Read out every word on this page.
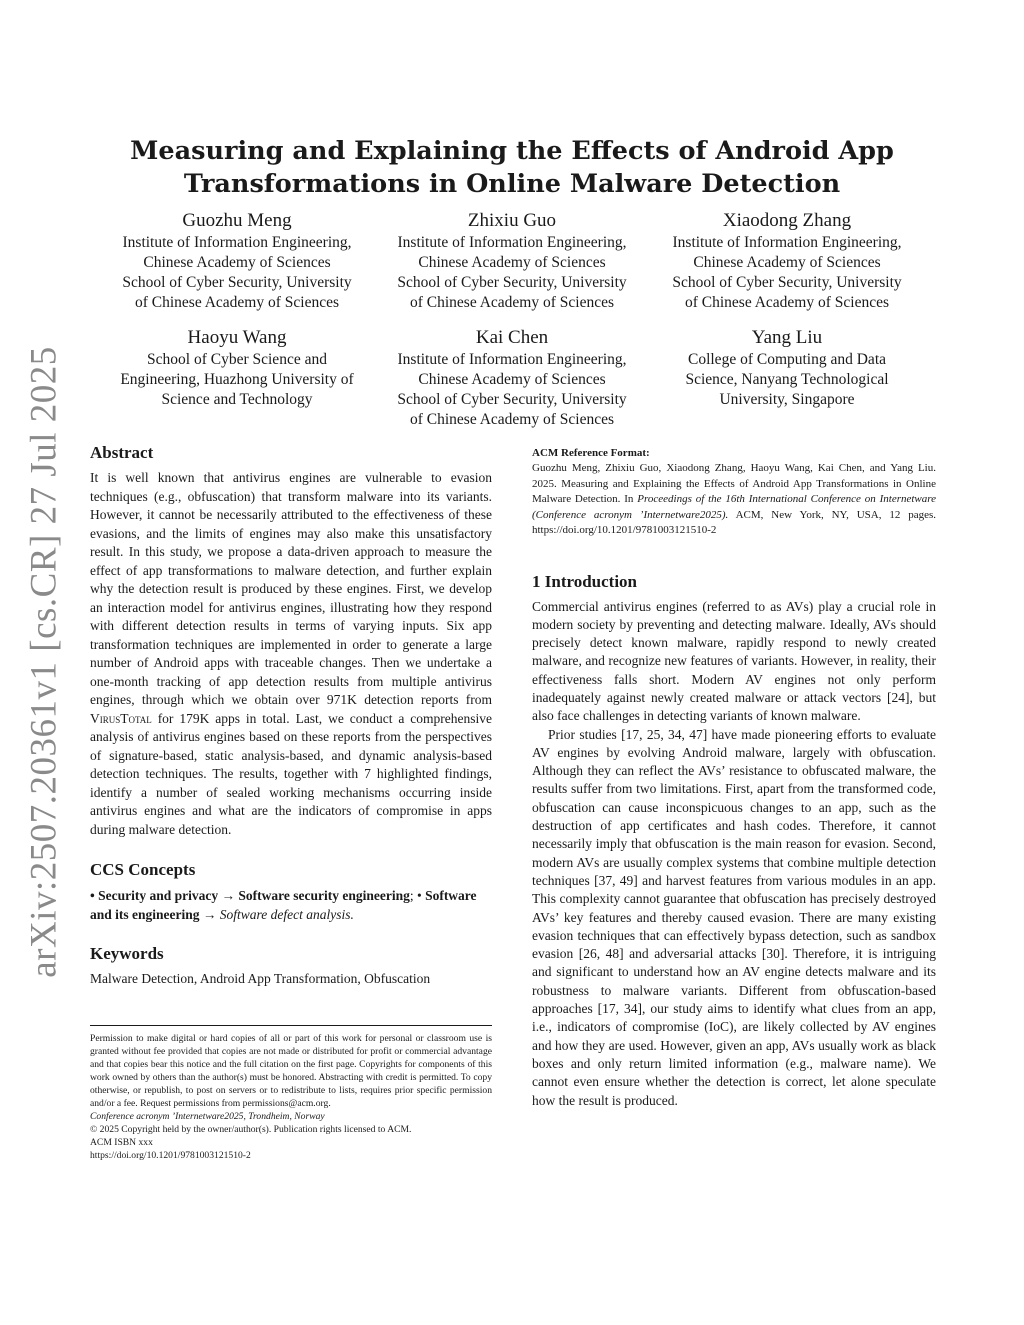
arXiv:2507.20361v1 [cs.CR] 27 Jul 2025
Measuring and Explaining the Effects of Android App
Transformations in Online Malware Detection
Guozhu Meng
Institute of Information Engineering,
Chinese Academy of Sciences
School of Cyber Security, University
of Chinese Academy of Sciences
Zhixiu Guo
Institute of Information Engineering,
Chinese Academy of Sciences
School of Cyber Security, University
of Chinese Academy of Sciences
Xiaodong Zhang
Institute of Information Engineering,
Chinese Academy of Sciences
School of Cyber Security, University
of Chinese Academy of Sciences
Haoyu Wang
School of Cyber Science and
Engineering, Huazhong University of
Science and Technology
Kai Chen
Institute of Information Engineering,
Chinese Academy of Sciences
School of Cyber Security, University
of Chinese Academy of Sciences
Yang Liu
College of Computing and Data
Science, Nanyang Technological
University, Singapore
Abstract

It is well known that antivirus engines are vulnerable to evasion techniques (e.g., obfuscation) that transform malware into its variants. However, it cannot be necessarily attributed to the effectiveness of these evasions, and the limits of engines may also make this unsatisfactory result. In this study, we propose a data-driven approach to measure the effect of app transformations to malware detection, and further explain why the detection result is produced by these engines. First, we develop an interaction model for antivirus engines, illustrating how they respond with different detection results in terms of varying inputs. Six app transformation techniques are implemented in order to generate a large number of Android apps with traceable changes. Then we undertake a one-month tracking of app detection results from multiple antivirus engines, through which we obtain over 971K detection reports from VirusTotal for 179K apps in total. Last, we conduct a comprehensive analysis of antivirus engines based on these reports from the perspectives of signature-based, static analysis-based, and dynamic analysis-based detection techniques. The results, together with 7 highlighted findings, identify a number of sealed working mechanisms occurring inside antivirus engines and what are the indicators of compromise in apps during malware detection.

CCS Concepts

• Security and privacy → Software security engineering; • Software and its engineering → Software defect analysis.

Keywords

Malware Detection, Android App Transformation, Obfuscation

Permission to make digital or hard copies of all or part of this work for personal or classroom use is granted without fee provided that copies are not made or distributed for profit or commercial advantage and that copies bear this notice and the full citation on the first page. Copyrights for components of this work owned by others than the author(s) must be honored. Abstracting with credit is permitted. To copy otherwise, or republish, to post on servers or to redistribute to lists, requires prior specific permission and/or a fee. Request permissions from permissions@acm.org.

Conference acronym ’Internetware2025, Trondheim, Norway

© 2025 Copyright held by the owner/author(s). Publication rights licensed to ACM.

ACM ISBN xxx

https://doi.org/10.1201/9781003121510-2

ACM Reference Format:

Guozhu Meng, Zhixiu Guo, Xiaodong Zhang, Haoyu Wang, Kai Chen, and Yang Liu. 2025. Measuring and Explaining the Effects of Android App Transformations in Online Malware Detection. In Proceedings of the 16th International Conference on Internetware (Conference acronym ’Internetware2025). ACM, New York, NY, USA, 12 pages. https://doi.org/10.1201/9781003121510-2

1 Introduction

Commercial antivirus engines (referred to as AVs) play a crucial role in modern society by preventing and detecting malware. Ideally, AVs should precisely detect known malware, rapidly respond to newly created malware, and recognize new features of variants. However, in reality, their effectiveness falls short. Modern AV engines not only perform inadequately against newly created malware or attack vectors [24], but also face challenges in detecting variants of known malware.

Prior studies [17, 25, 34, 47] have made pioneering efforts to evaluate AV engines by evolving Android malware, largely with obfuscation. Although they can reflect the AVs’ resistance to obfuscated malware, the results suffer from two limitations. First, apart from the transformed code, obfuscation can cause inconspicuous changes to an app, such as the destruction of app certificates and hash codes. Therefore, it cannot necessarily imply that obfuscation is the main reason for evasion. Second, modern AVs are usually complex systems that combine multiple detection techniques [37, 49] and harvest features from various modules in an app. This complexity cannot guarantee that obfuscation has precisely destroyed AVs’ key features and thereby caused evasion. There are many existing evasion techniques that can effectively bypass detection, such as sandbox evasion [26, 48] and adversarial attacks [30]. Therefore, it is intriguing and significant to understand how an AV engine detects malware and its robustness to malware variants. Different from obfuscation-based approaches [17, 34], our study aims to identify what clues from an app, i.e., indicators of compromise (IoC), are likely collected by AV engines and how they are used. However, given an app, AVs usually work as black boxes and only return limited information (e.g., malware name). We cannot even ensure whether the detection is correct, let alone speculate how the result is produced.
